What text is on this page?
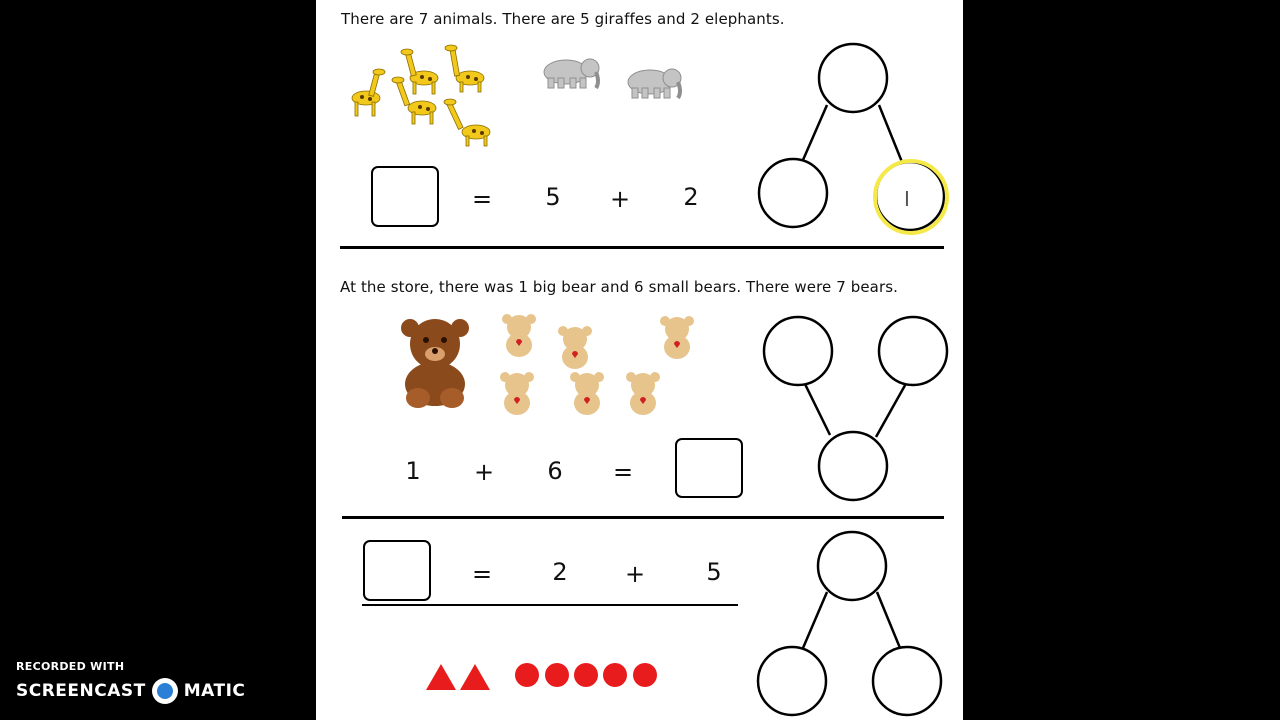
There are 7 animals. There are 5 giraffes and 2 elephants.
I
=	5	+	2
At the store, there was 1 big bear and 6 small bears. There were 7 bears.
1	+	6	=
=	2	+	5
RECORDED WITH
SCREENCAST MATIC
